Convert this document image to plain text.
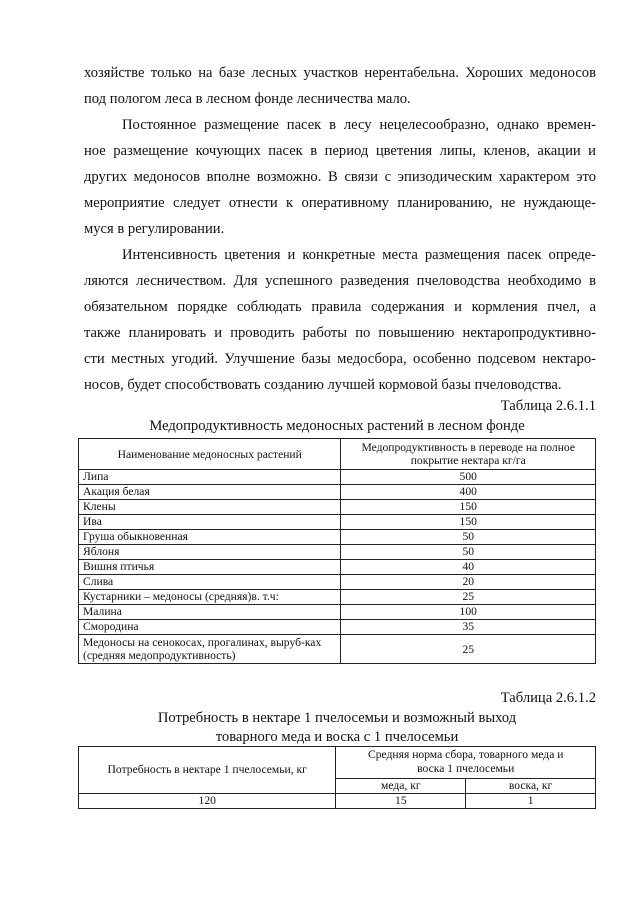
хозяйстве только на базе лесных участков нерентабельна. Хороших медоносов
под пологом леса в лесном фонде лесничества мало.
Постоянное размещение пасек в лесу нецелесообразно, однако времен-
ное размещение кочующих пасек в период цветения липы, кленов, акации и
других медоносов вполне возможно. В связи с эпизодическим характером это
мероприятие следует отнести к оперативному планированию, не нуждающе-
муся в регулировании.
Интенсивность цветения и конкретные места размещения пасек опреде-
ляются лесничеством. Для успешного разведения пчеловодства необходимо в
обязательном порядке соблюдать правила содержания и кормления пчел, а
также планировать и проводить работы по повышению нектаропродуктивно-
сти местных угодий. Улучшение базы медосбора, особенно подсевом нектаро-
носов, будет способствовать созданию лучшей кормовой базы пчеловодства.
Таблица 2.6.1.1
Медопродуктивность медоносных растений в лесном фонде
Наименование медоносных растений	Медопродуктивность в переводе на полное покрытие нектара кг/га
Липа	500
Акация белая	400
Клены	150
Ива	150
Груша обыкновенная	50
Яблоня	50
Вишня птичья	40
Слива	20
Кустарники – медоносы (средняя)в. т.ч:	25
Малина	100
Смородина	35
Медоносы на сенокосах, прогалинах, выруб-ках (средняя медопродуктивность)	25
Таблица 2.6.1.2
Потребность в нектаре 1 пчелосемьи и возможный выход
товарного меда и воска с 1 пчелосемьи
Потребность в нектаре 1 пчелосемьи, кг	Средняя норма сбора, товарного меда и воска 1 пчелосемьи	
	меда, кг	воска, кг
120	15	1
